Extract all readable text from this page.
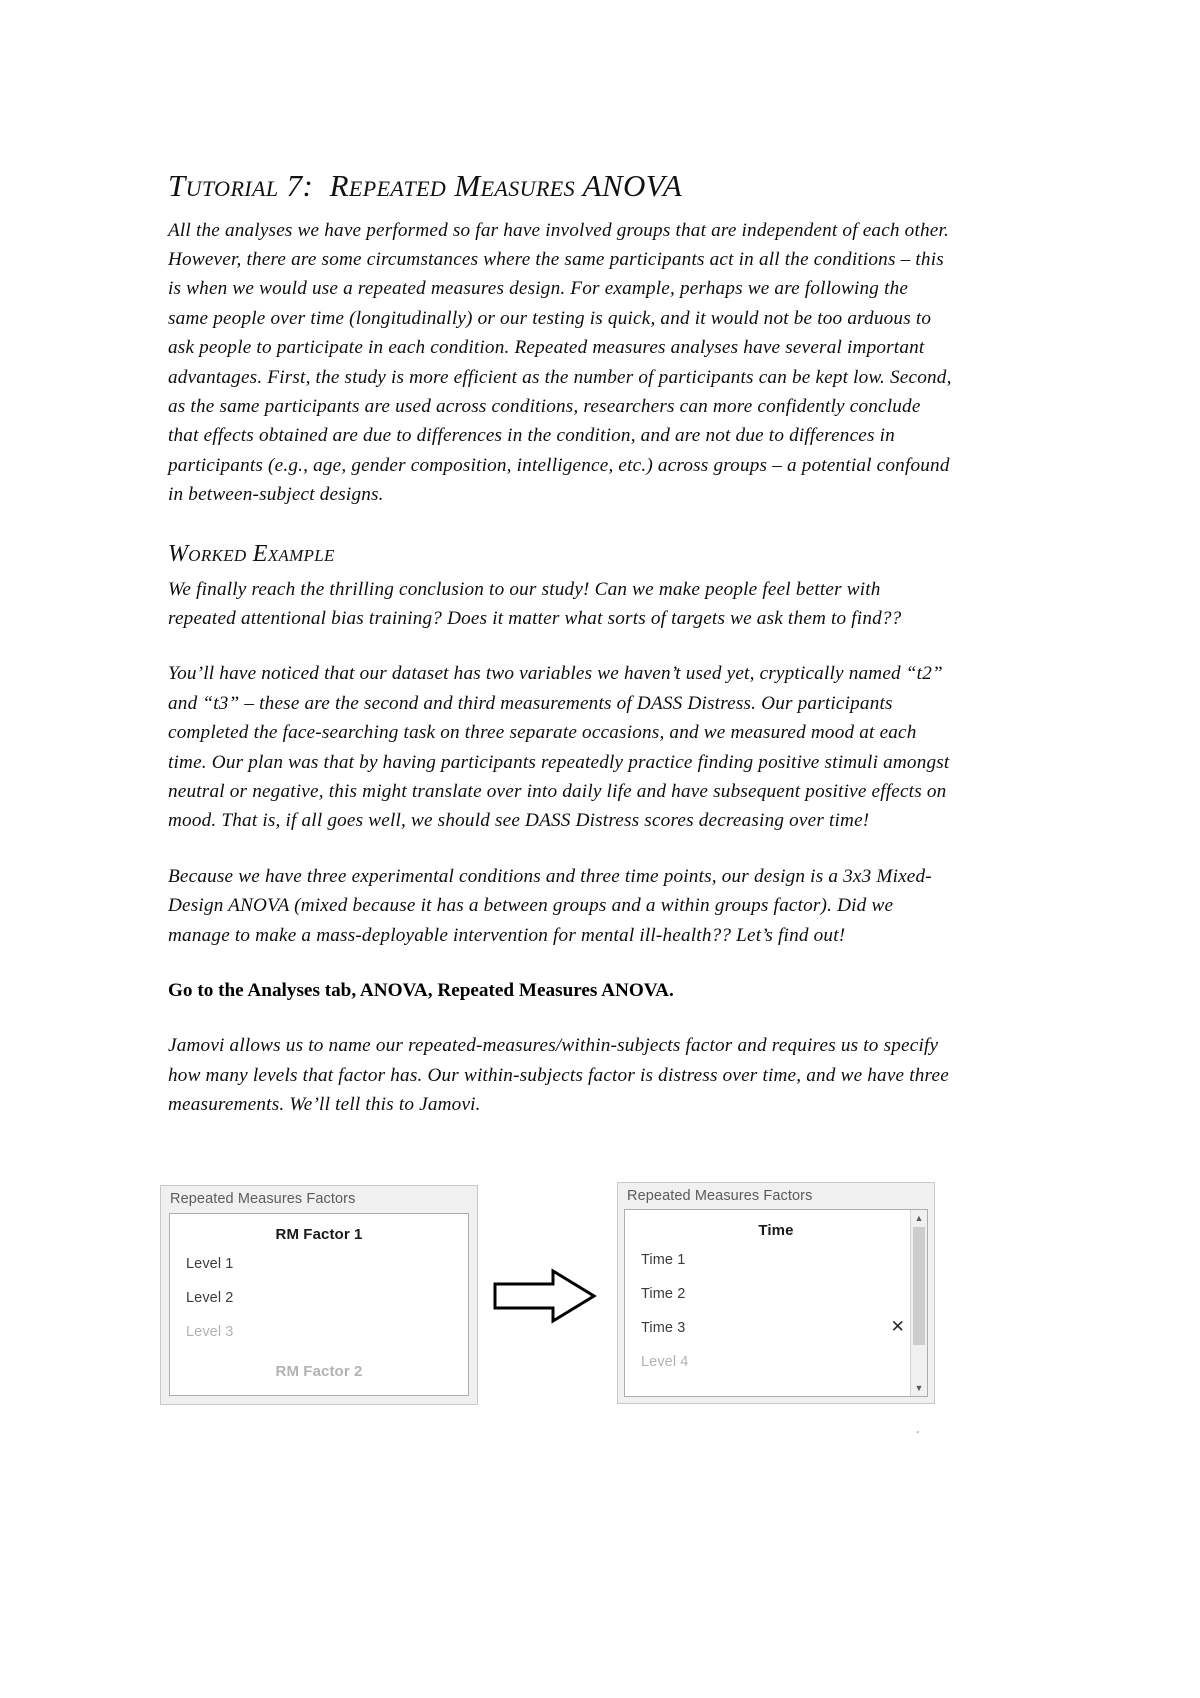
Tutorial 7:  Repeated Measures ANOVA

All the analyses we have performed so far have involved groups that are independent of each other. However, there are some circumstances where the same participants act in all the conditions – this is when we would use a repeated measures design. For example, perhaps we are following the same people over time (longitudinally) or our testing is quick, and it would not be too arduous to ask people to participate in each condition. Repeated measures analyses have several important advantages. First, the study is more efficient as the number of participants can be kept low. Second, as the same participants are used across conditions, researchers can more confidently conclude that effects obtained are due to differences in the condition, and are not due to differences in participants (e.g., age, gender composition, intelligence, etc.) across groups – a potential confound in between-subject designs.

Worked Example

We finally reach the thrilling conclusion to our study! Can we make people feel better with repeated attentional bias training? Does it matter what sorts of targets we ask them to find??

You’ll have noticed that our dataset has two variables we haven’t used yet, cryptically named “t2” and “t3” – these are the second and third measurements of DASS Distress. Our participants completed the face-searching task on three separate occasions, and we measured mood at each time. Our plan was that by having participants repeatedly practice finding positive stimuli amongst neutral or negative, this might translate over into daily life and have subsequent positive effects on mood. That is, if all goes well, we should see DASS Distress scores decreasing over time!

Because we have three experimental conditions and three time points, our design is a 3x3 Mixed-Design ANOVA (mixed because it has a between groups and a within groups factor). Did we manage to make a mass-deployable intervention for mental ill-health?? Let’s find out!

Go to the Analyses tab, ANOVA, Repeated Measures ANOVA.

Jamovi allows us to name our repeated-measures/within-subjects factor and requires us to specify how many levels that factor has. Our within-subjects factor is distress over time, and we have three measurements. We’ll tell this to Jamovi.

Repeated Measures Factors
RM Factor 1
Level 1
Level 2
Level 3
RM Factor 2
Repeated Measures Factors
Time
Time 1
Time 2
Time 3	✕
Level 4
▲
▼
´
